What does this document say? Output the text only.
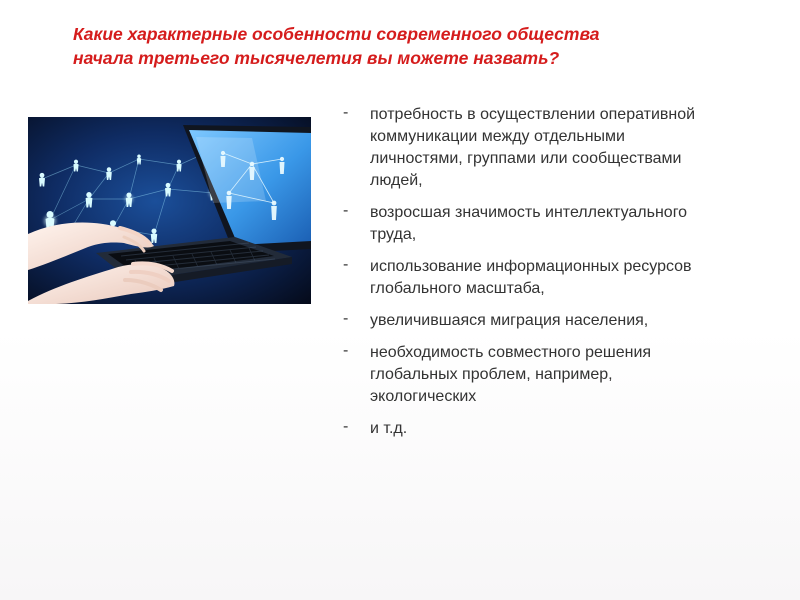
Какие характерные особенности современного общества
начала третьего тысячелетия вы можете назвать?
-	потребность в осуществлении оперативной
коммуникации между отдельными
личностями, группами или сообществами
людей,
-	возросшая значимость интеллектуального
труда,
-	использование информационных ресурсов
глобального масштаба,
-	увеличившаяся миграция населения,
-	необходимость совместного решения
глобальных проблем, например,
экологических
-	и т.д.
